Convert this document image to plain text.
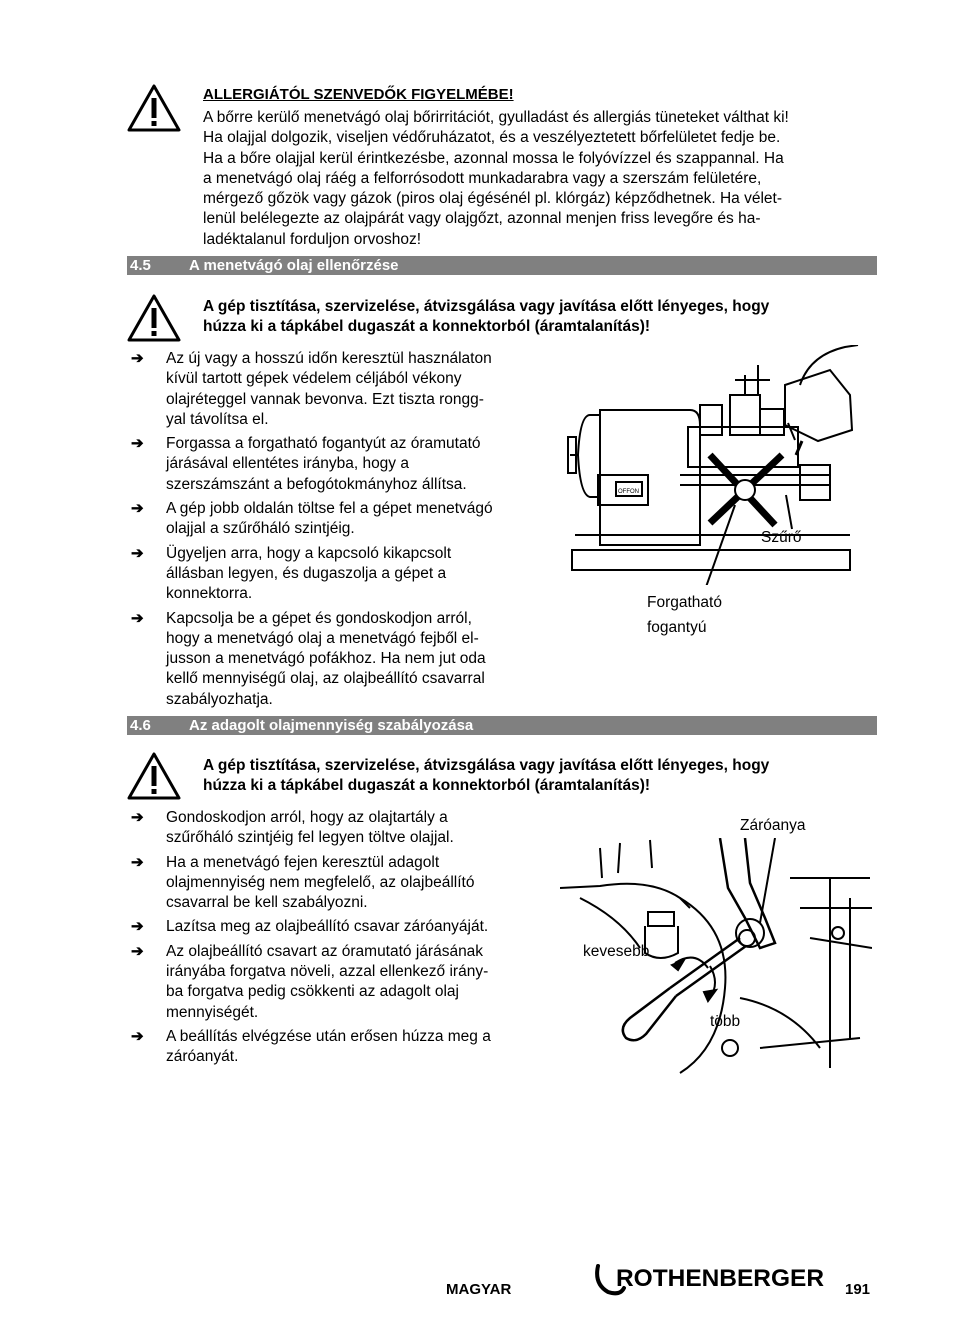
ALLERGIÁTÓL SZENVEDŐK FIGYELMÉBE!
A bőrre kerülő menetvágó olaj bőrirritációt, gyulladást és allergiás tüneteket válthat ki!
Ha olajjal dolgozik, viseljen védőruházatot, és a veszélyeztetett bőrfelületet fedje be.
Ha a bőre olajjal kerül érintkezésbe, azonnal mossa le folyóvízzel és szappannal. Ha
a menetvágó olaj ráég a felforrósodott munkadarabra vagy a szerszám felületére,
mérgező gőzök vagy gázok (piros olaj égésénél pl. klórgáz) képződhetnek. Ha vélet-
lenül belélegezte az olajpárát vagy olajgőzt, azonnal menjen friss levegőre és ha-
ladéktalanul forduljon orvoshoz!
4.5	A menetvágó olaj ellenőrzése
A gép tisztítása, szervizelése, átvizsgálása vagy javítása előtt lényeges, hogy
húzza ki a tápkábel dugaszát a konnektorból (áramtalanítás)!
➔ Az új vagy a hosszú időn keresztül használaton
kívül tartott gépek védelem céljából vékony
olajréteggel vannak bevonva. Ezt tiszta rongg-
yal távolítsa el.
➔ Forgassa a forgatható fogantyút az óramutató
járásával ellentétes irányba, hogy a
szerszámszánt a befogótokmányhoz állítsa.
➔ A gép jobb oldalán töltse fel a gépet menetvágó
olajjal a szűrőháló szintjéig.
➔ Ügyeljen arra, hogy a kapcsoló kikapcsolt
állásban legyen, és dugaszolja a gépet a
konnektorra.
➔ Kapcsolja be a gépet és gondoskodjon arról,
hogy a menetvágó olaj a menetvágó fejből el-
jusson a menetvágó pofákhoz. Ha nem jut oda
kellő mennyiségű olaj, az olajbeállító csavarral
szabályozhatja.
OFF ON
Szűrő
Forgatható
fogantyú
4.6	Az adagolt olajmennyiség szabályozása
A gép tisztítása, szervizelése, átvizsgálása vagy javítása előtt lényeges, hogy
húzza ki a tápkábel dugaszát a konnektorból (áramtalanítás)!
➔ Gondoskodjon arról, hogy az olajtartály a
szűrőháló szintjéig fel legyen töltve olajjal.
➔ Ha a menetvágó fejen keresztül adagolt
olajmennyiség nem megfelelő, az olajbeállító
csavarral be kell szabályozni.
➔ Lazítsa meg az olajbeállító csavar záróanyáját.
➔ Az olajbeállító csavart az óramutató járásának
irányába forgatva növeli, azzal ellenkező irány-
ba forgatva pedig csökkenti az adagolt olaj
mennyiségét.
➔ A beállítás elvégzése után erősen húzza meg a
záróanyát.
Záróanya
kevesebb
több
MAGYAR	ROTHENBERGER 191
